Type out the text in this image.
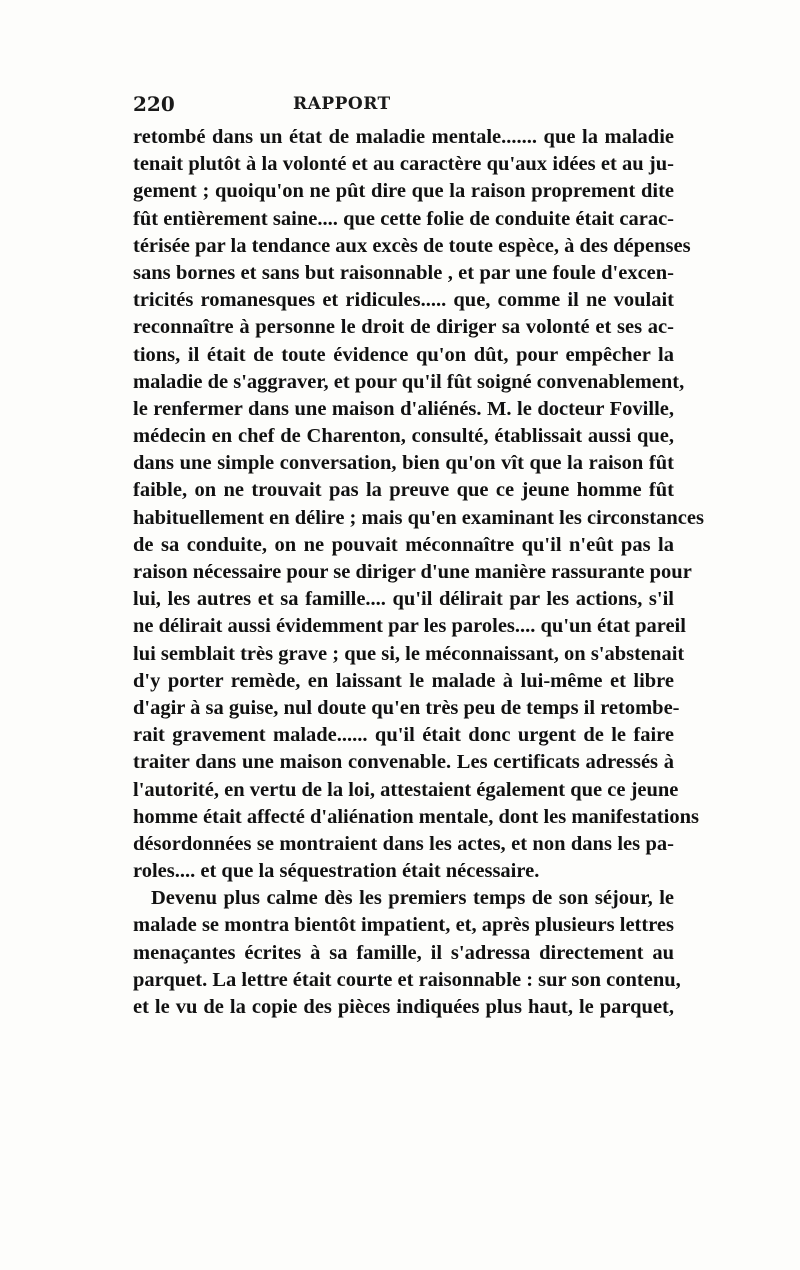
220	RAPPORT
retombé dans un état de maladie mentale....... que la maladie
tenait plutôt à la volonté et au caractère qu'aux idées et au ju-
gement ; quoiqu'on ne pût dire que la raison proprement dite
fût entièrement saine.... que cette folie de conduite était carac-
térisée par la tendance aux excès de toute espèce, à des dépenses
sans bornes et sans but raisonnable , et par une foule d'excen-
tricités romanesques et ridicules..... que, comme il ne voulait
reconnaître à personne le droit de diriger sa volonté et ses ac-
tions, il était de toute évidence qu'on dût, pour empêcher la
maladie de s'aggraver, et pour qu'il fût soigné convenablement,
le renfermer dans une maison d'aliénés. M. le docteur Foville,
médecin en chef de Charenton, consulté, établissait aussi que,
dans une simple conversation, bien qu'on vît que la raison fût
faible, on ne trouvait pas la preuve que ce jeune homme fût
habituellement en délire ; mais qu'en examinant les circonstances
de sa conduite, on ne pouvait méconnaître qu'il n'eût pas la
raison nécessaire pour se diriger d'une manière rassurante pour
lui, les autres et sa famille.... qu'il délirait par les actions, s'il
ne délirait aussi évidemment par les paroles.... qu'un état pareil
lui semblait très grave ; que si, le méconnaissant, on s'abstenait
d'y porter remède, en laissant le malade à lui-même et libre
d'agir à sa guise, nul doute qu'en très peu de temps il retombe-
rait gravement malade...... qu'il était donc urgent de le faire
traiter dans une maison convenable. Les certificats adressés à
l'autorité, en vertu de la loi, attestaient également que ce jeune
homme était affecté d'aliénation mentale, dont les manifestations
désordonnées se montraient dans les actes, et non dans les pa-
roles.... et que la séquestration était nécessaire.
Devenu plus calme dès les premiers temps de son séjour, le
malade se montra bientôt impatient, et, après plusieurs lettres
menaçantes écrites à sa famille, il s'adressa directement au
parquet. La lettre était courte et raisonnable : sur son contenu,
et le vu de la copie des pièces indiquées plus haut, le parquet,
